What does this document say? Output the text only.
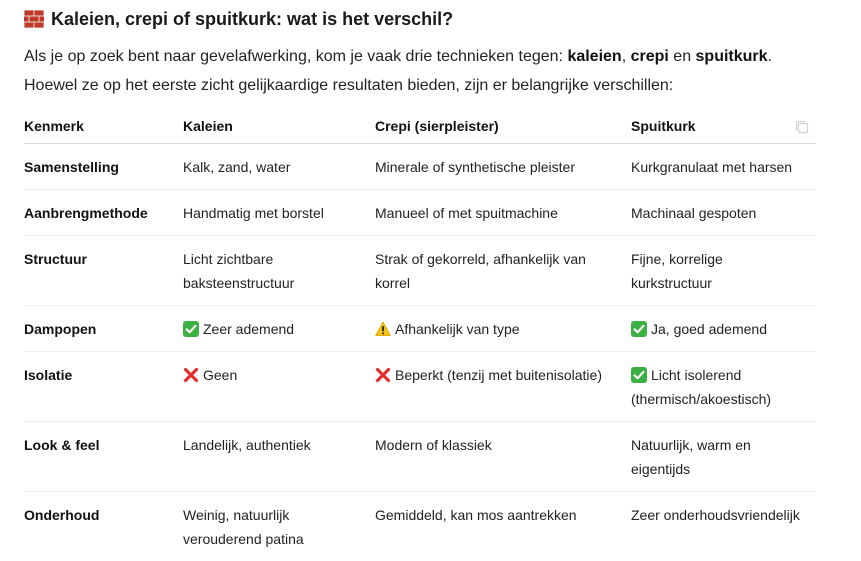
Kaleien, crepi of spuitkurk: wat is het verschil?

Als je op zoek bent naar gevelafwerking, kom je vaak drie technieken tegen: kaleien, crepi en spuitkurk. Hoewel ze op het eerste zicht gelijkaardige resultaten bieden, zijn er belangrijke verschillen:

Kenmerk	Kaleien	Crepi (sierpleister)	Spuitkurk

Samenstelling	Kalk, zand, water	Minerale of synthetische pleister	Kurkgranulaat met harsen
Aanbrengmethode	Handmatig met borstel	Manueel of met spuitmachine	Machinaal gespoten
Structuur	Licht zichtbare baksteenstructuur	Strak of gekorreld, afhankelijk van korrel	Fijne, korrelige kurkstructuur
Dampopen	Zeer ademend	Afhankelijk van type	Ja, goed ademend
Isolatie	Geen	Beperkt (tenzij met buitenisolatie)	Licht isolerend (thermisch/akoestisch)
Look & feel	Landelijk, authentiek	Modern of klassiek	Natuurlijk, warm en eigentijds
Onderhoud	Weinig, natuurlijk verouderend patina	Gemiddeld, kan mos aantrekken	Zeer onderhoudsvriendelijk
